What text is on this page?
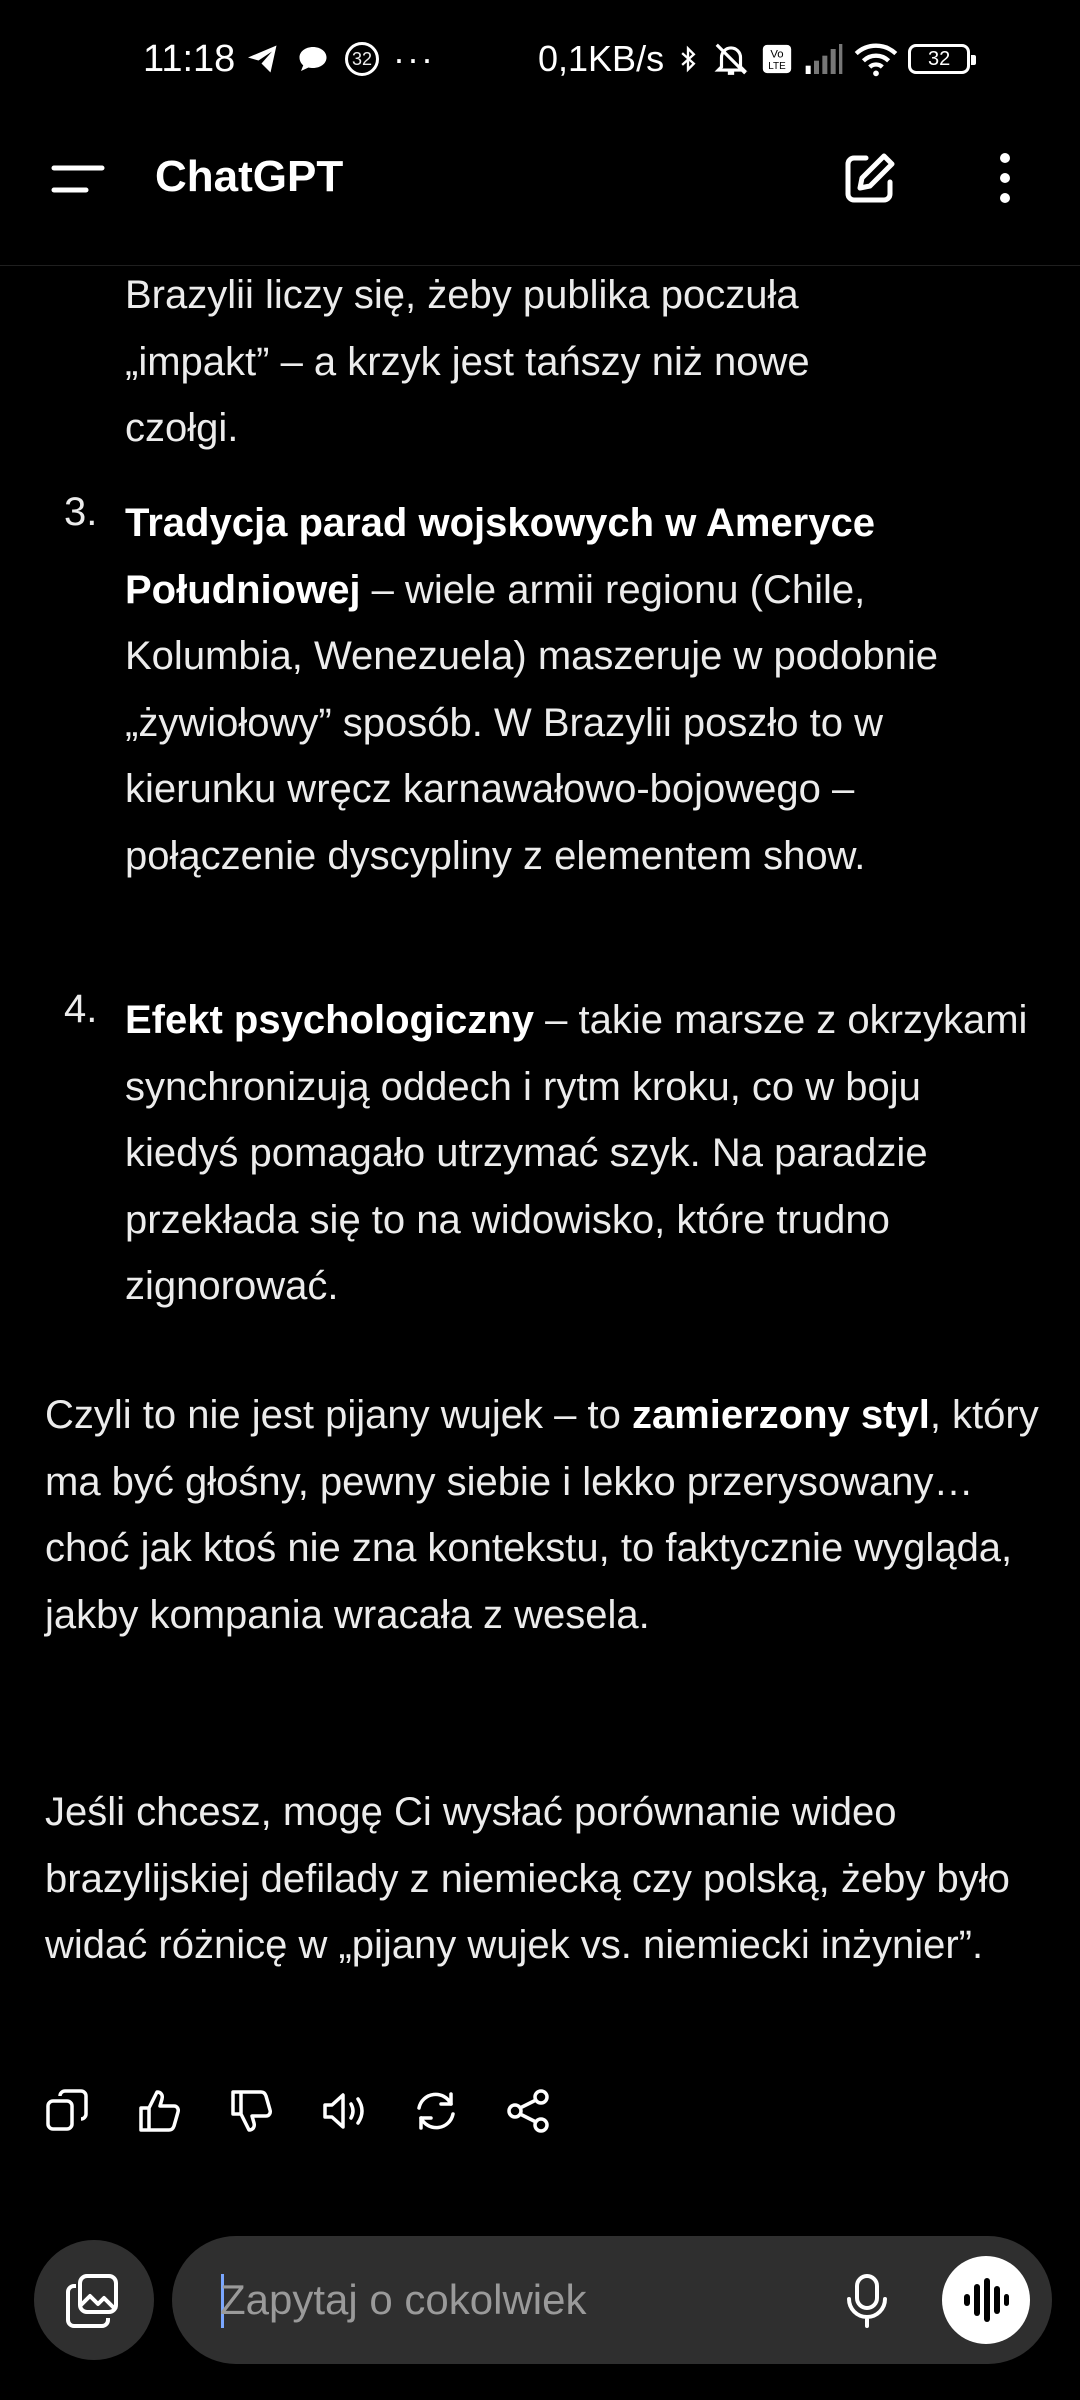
11:18	32 ···	0,1KB/s	Vo
LTE	32
ChatGPT
Brazylii liczy się, żeby publika poczuła
„impakt” – a krzyk jest tańszy niż nowe
czołgi.
3. Tradycja parad wojskowych w Ameryce Południowej – wiele armii regionu (Chile, Kolumbia, Wenezuela) maszeruje w podobnie „żywiołowy” sposób. W Brazylii poszło to w kierunku wręcz karnawałowo-bojowego – połączenie dyscypliny z elementem show.
4. Efekt psychologiczny – takie marsze z okrzykami synchronizują oddech i rytm kroku, co w boju kiedyś pomagało utrzymać szyk. Na paradzie przekłada się to na widowisko, które trudno zignorować.
Czyli to nie jest pijany wujek – to zamierzony styl, który ma być głośny, pewny siebie i lekko przerysowany… choć jak ktoś nie zna kontekstu, to faktycznie wygląda, jakby kompania wracała z wesela.
Jeśli chcesz, mogę Ci wysłać porównanie wideo brazylijskiej defilady z niemiecką czy polską, żeby było widać różnicę w „pijany wujek vs. niemiecki inżynier”.
Zapytaj o cokolwiek
